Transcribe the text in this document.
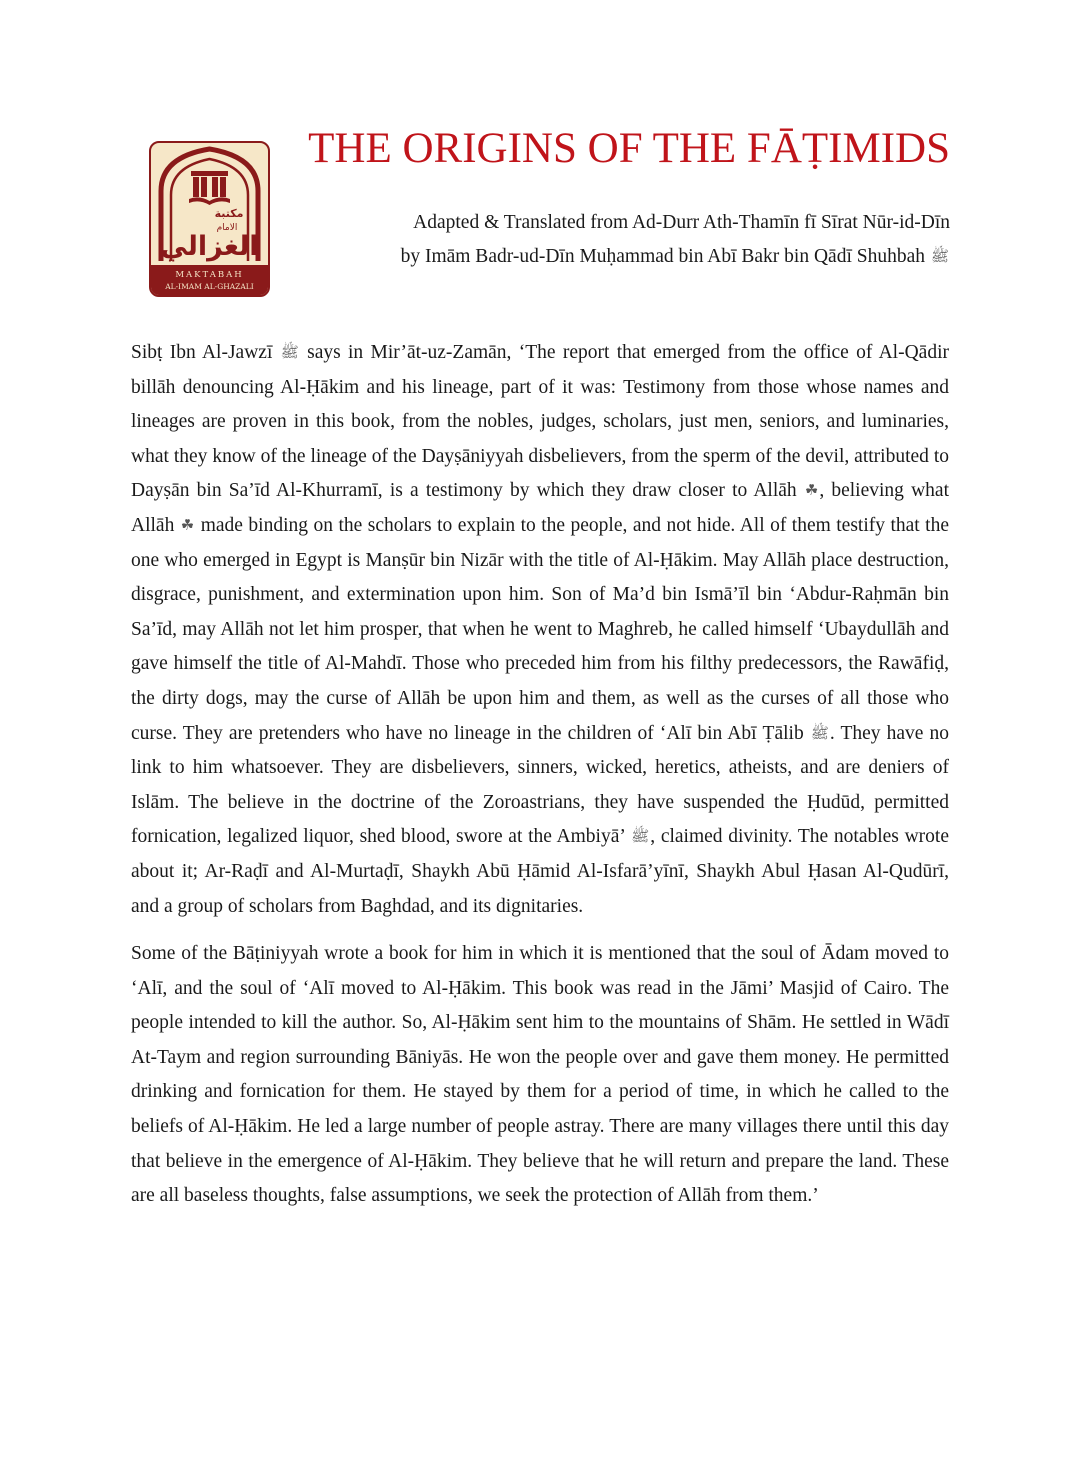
مكتبة
الامام
الغزالي
MAKTABAH
AL-IMAM AL-GHAZALI
THE ORIGINS OF THE FĀṬIMIDS
Adapted & Translated from Ad-Durr Ath-Thamīn fī Sīrat Nūr-id-Dīn
by Imām Badr-ud-Dīn Muḥammad bin Abī Bakr bin Qādī Shuhbah ﷺ

Sibṭ Ibn Al-Jawzī ﷺ says in Mir’āt-uz-Zamān, ‘The report that emerged from the office of Al-Qādir billāh denouncing Al-Ḥākim and his lineage, part of it was: Testimony from those whose names and lineages are proven in this book, from the nobles, judges, scholars, just men, seniors, and luminaries, what they know of the lineage of the Dayṣāniyyah disbelievers, from the sperm of the devil, attributed to Dayṣān bin Sa’īd Al-Khurramī, is a testimony by which they draw closer to Allāh ☘, believing what Allāh ☘ made binding on the scholars to explain to the people, and not hide. All of them testify that the one who emerged in Egypt is Manṣūr bin Nizār with the title of Al-Ḥākim. May Allāh place destruction, disgrace, punishment, and extermination upon him. Son of Ma’d bin Ismā’īl bin ‘Abdur-Raḥmān bin Sa’īd, may Allāh not let him prosper, that when he went to Maghreb, he called himself ‘Ubaydullāh and gave himself the title of Al-Mahdī. Those who preceded him from his filthy predecessors, the Rawāfiḍ, the dirty dogs, may the curse of Allāh be upon him and them, as well as the curses of all those who curse. They are pretenders who have no lineage in the children of ‘Alī bin Abī Ṭālib ﷺ. They have no link to him whatsoever. They are disbelievers, sinners, wicked, heretics, atheists, and are deniers of Islām. The believe in the doctrine of the Zoroastrians, they have suspended the Ḥudūd, permitted fornication, legalized liquor, shed blood, swore at the Ambiyā’ ﷺ, claimed divinity. The notables wrote about it; Ar-Raḍī and Al-Murtaḍī, Shaykh Abū Ḥāmid Al-Isfarā’yīnī, Shaykh Abul Ḥasan Al-Qudūrī, and a group of scholars from Baghdad, and its dignitaries.

Some of the Bāṭiniyyah wrote a book for him in which it is mentioned that the soul of Ādam moved to ‘Alī, and the soul of ‘Alī moved to Al-Ḥākim. This book was read in the Jāmi’ Masjid of Cairo. The people intended to kill the author. So, Al-Ḥākim sent him to the mountains of Shām. He settled in Wādī At-Taym and region surrounding Bāniyās. He won the people over and gave them money. He permitted drinking and fornication for them. He stayed by them for a period of time, in which he called to the beliefs of Al-Ḥākim. He led a large number of people astray. There are many villages there until this day that believe in the emergence of Al-Ḥākim. They believe that he will return and prepare the land. These are all baseless thoughts, false assumptions, we seek the protection of Allāh from them.’
